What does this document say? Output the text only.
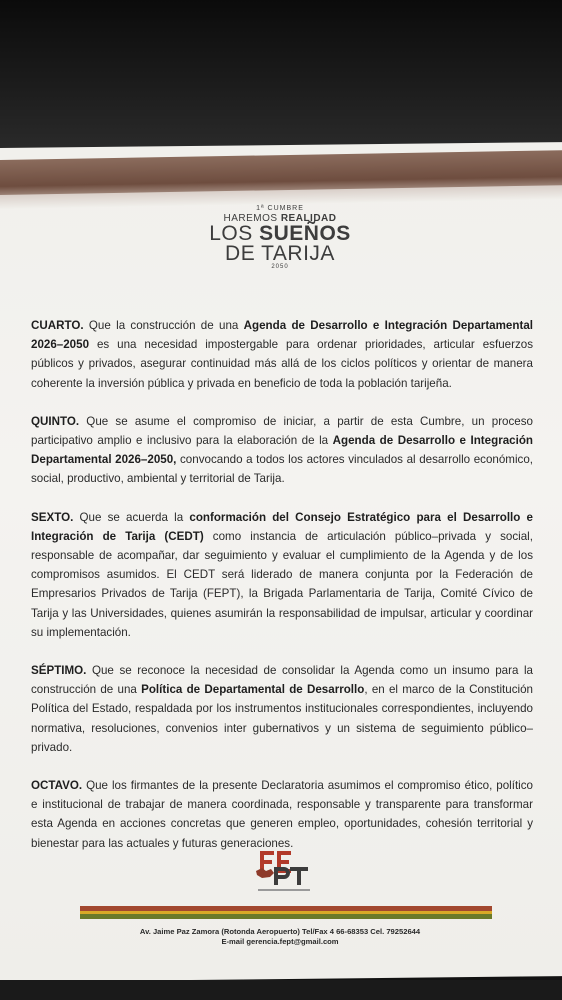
1ª CUMBRE
HAREMOS REALIDAD
LOS SUEÑOS
DE TARIJA
2050

CUARTO. Que la construcción de una Agenda de Desarrollo e Integración Departamental 2026–2050 es una necesidad impostergable para ordenar prioridades, articular esfuerzos públicos y privados, asegurar continuidad más allá de los ciclos políticos y orientar de manera coherente la inversión pública y privada en beneficio de toda la población tarijeña.

QUINTO. Que se asume el compromiso de iniciar, a partir de esta Cumbre, un proceso participativo amplio e inclusivo para la elaboración de la Agenda de Desarrollo e Integración Departamental 2026–2050, convocando a todos los actores vinculados al desarrollo económico, social, productivo, ambiental y territorial de Tarija.

SEXTO. Que se acuerda la conformación del Consejo Estratégico para el Desarrollo e Integración de Tarija (CEDT) como instancia de articulación público–privada y social, responsable de acompañar, dar seguimiento y evaluar el cumplimiento de la Agenda y de los compromisos asumidos. El CEDT será liderado de manera conjunta por la Federación de Empresarios Privados de Tarija (FEPT), la Brigada Parlamentaria de Tarija, Comité Cívico de Tarija y las Universidades, quienes asumirán la responsabilidad de impulsar, articular y coordinar su implementación.

SÉPTIMO. Que se reconoce la necesidad de consolidar la Agenda como un insumo para la construcción de una Política de Departamental de Desarrollo, en el marco de la Constitución Política del Estado, respaldada por los instrumentos institucionales correspondientes, incluyendo normativa, resoluciones, convenios inter gubernativos y un sistema de seguimiento público–privado.

OCTAVO. Que los firmantes de la presente Declaratoria asumimos el compromiso ético, político e institucional de trabajar de manera coordinada, responsable y transparente para transformar esta Agenda en acciones concretas que generen empleo, oportunidades, cohesión territorial y bienestar para las actuales y futuras generaciones.

Av. Jaime Paz Zamora (Rotonda Aeropuerto) Tel/Fax 4 66-68353 Cel. 79252644
E-mail gerencia.fept@gmail.com
